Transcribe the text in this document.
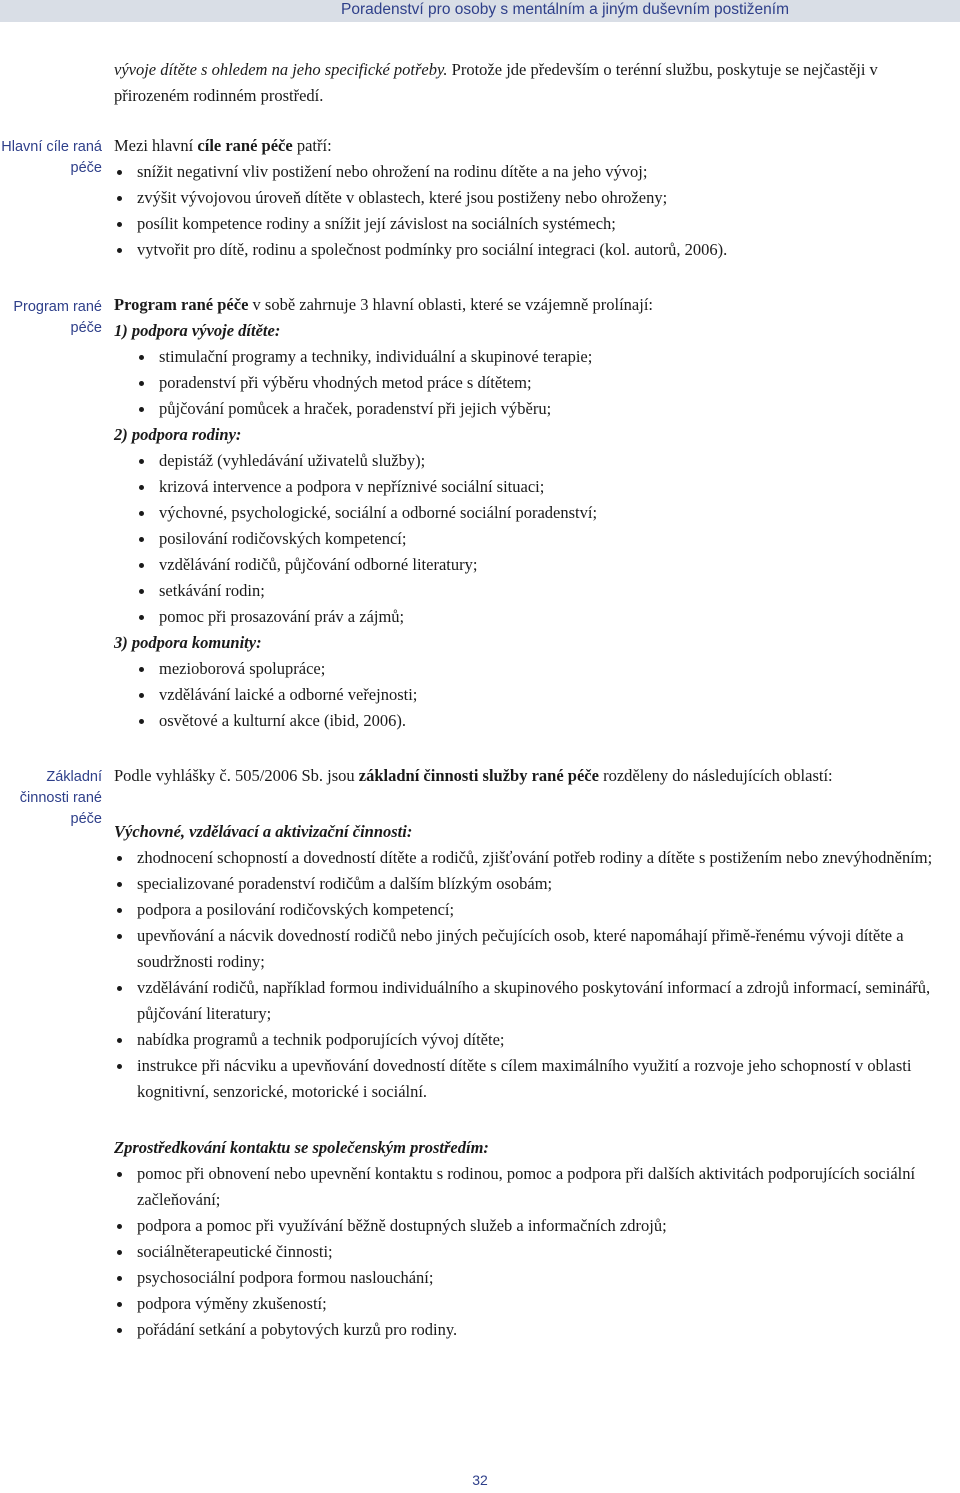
Poradenství pro osoby s mentálním a jiným duševním postižením

vývoje dítěte s ohledem na jeho specifické potřeby. Protože jde především o terénní službu, poskytuje se nejčastěji v přirozeném rodinném prostředí.

Hlavní cíle raná péče

Mezi hlavní cíle rané péče patří:

snížit negativní vliv postižení nebo ohrožení na rodinu dítěte a na jeho vývoj;
zvýšit vývojovou úroveň dítěte v oblastech, které jsou postiženy nebo ohroženy;
posílit kompetence rodiny a snížit její závislost na sociálních systémech;
vytvořit pro dítě, rodinu a společnost podmínky pro sociální integraci (kol. autorů, 2006).
Program rané péče

Program rané péče v sobě zahrnuje 3 hlavní oblasti, které se vzájemně prolínají:

1) podpora vývoje dítěte:

stimulační programy a techniky, individuální a skupinové terapie;
poradenství při výběru vhodných metod práce s dítětem;
půjčování pomůcek a hraček, poradenství při jejich výběru;

2) podpora rodiny:

depistáž (vyhledávání uživatelů služby);
krizová intervence a podpora v nepříznivé sociální situaci;
výchovné, psychologické, sociální a odborné sociální poradenství;
posilování rodičovských kompetencí;
vzdělávání rodičů, půjčování odborné literatury;
setkávání rodin;
pomoc při prosazování práv a zájmů;

3) podpora komunity:

mezioborová spolupráce;
vzdělávání laické a odborné veřejnosti;
osvětové a kulturní akce (ibid, 2006).
Základní činnosti rané péče

Podle vyhlášky č. 505/2006 Sb. jsou základní činnosti služby rané péče rozděleny do následujících oblastí:

Výchovné, vzdělávací a aktivizační činnosti:

zhodnocení schopností a dovedností dítěte a rodičů, zjišťování potřeb rodiny a dítěte s postižením nebo znevýhodněním;
specializované poradenství rodičům a dalším blízkým osobám;
podpora a posilování rodičovských kompetencí;
upevňování a nácvik dovedností rodičů nebo jiných pečujících osob, které napomáhají přimě-řenému vývoji dítěte a soudržnosti rodiny;
vzdělávání rodičů, například formou individuálního a skupinového poskytování informací a zdrojů informací, seminářů, půjčování literatury;
nabídka programů a technik podporujících vývoj dítěte;
instrukce při nácviku a upevňování dovedností dítěte s cílem maximálního využití a rozvoje jeho schopností v oblasti kognitivní, senzorické, motorické i sociální.

Zprostředkování kontaktu se společenským prostředím:

pomoc při obnovení nebo upevnění kontaktu s rodinou, pomoc a podpora při dalších aktivitách podporujících sociální začleňování;
podpora a pomoc při využívání běžně dostupných služeb a informačních zdrojů;
sociálněterapeutické činnosti;
psychosociální podpora formou naslouchání;
podpora výměny zkušeností;
pořádání setkání a pobytových kurzů pro rodiny.
32
